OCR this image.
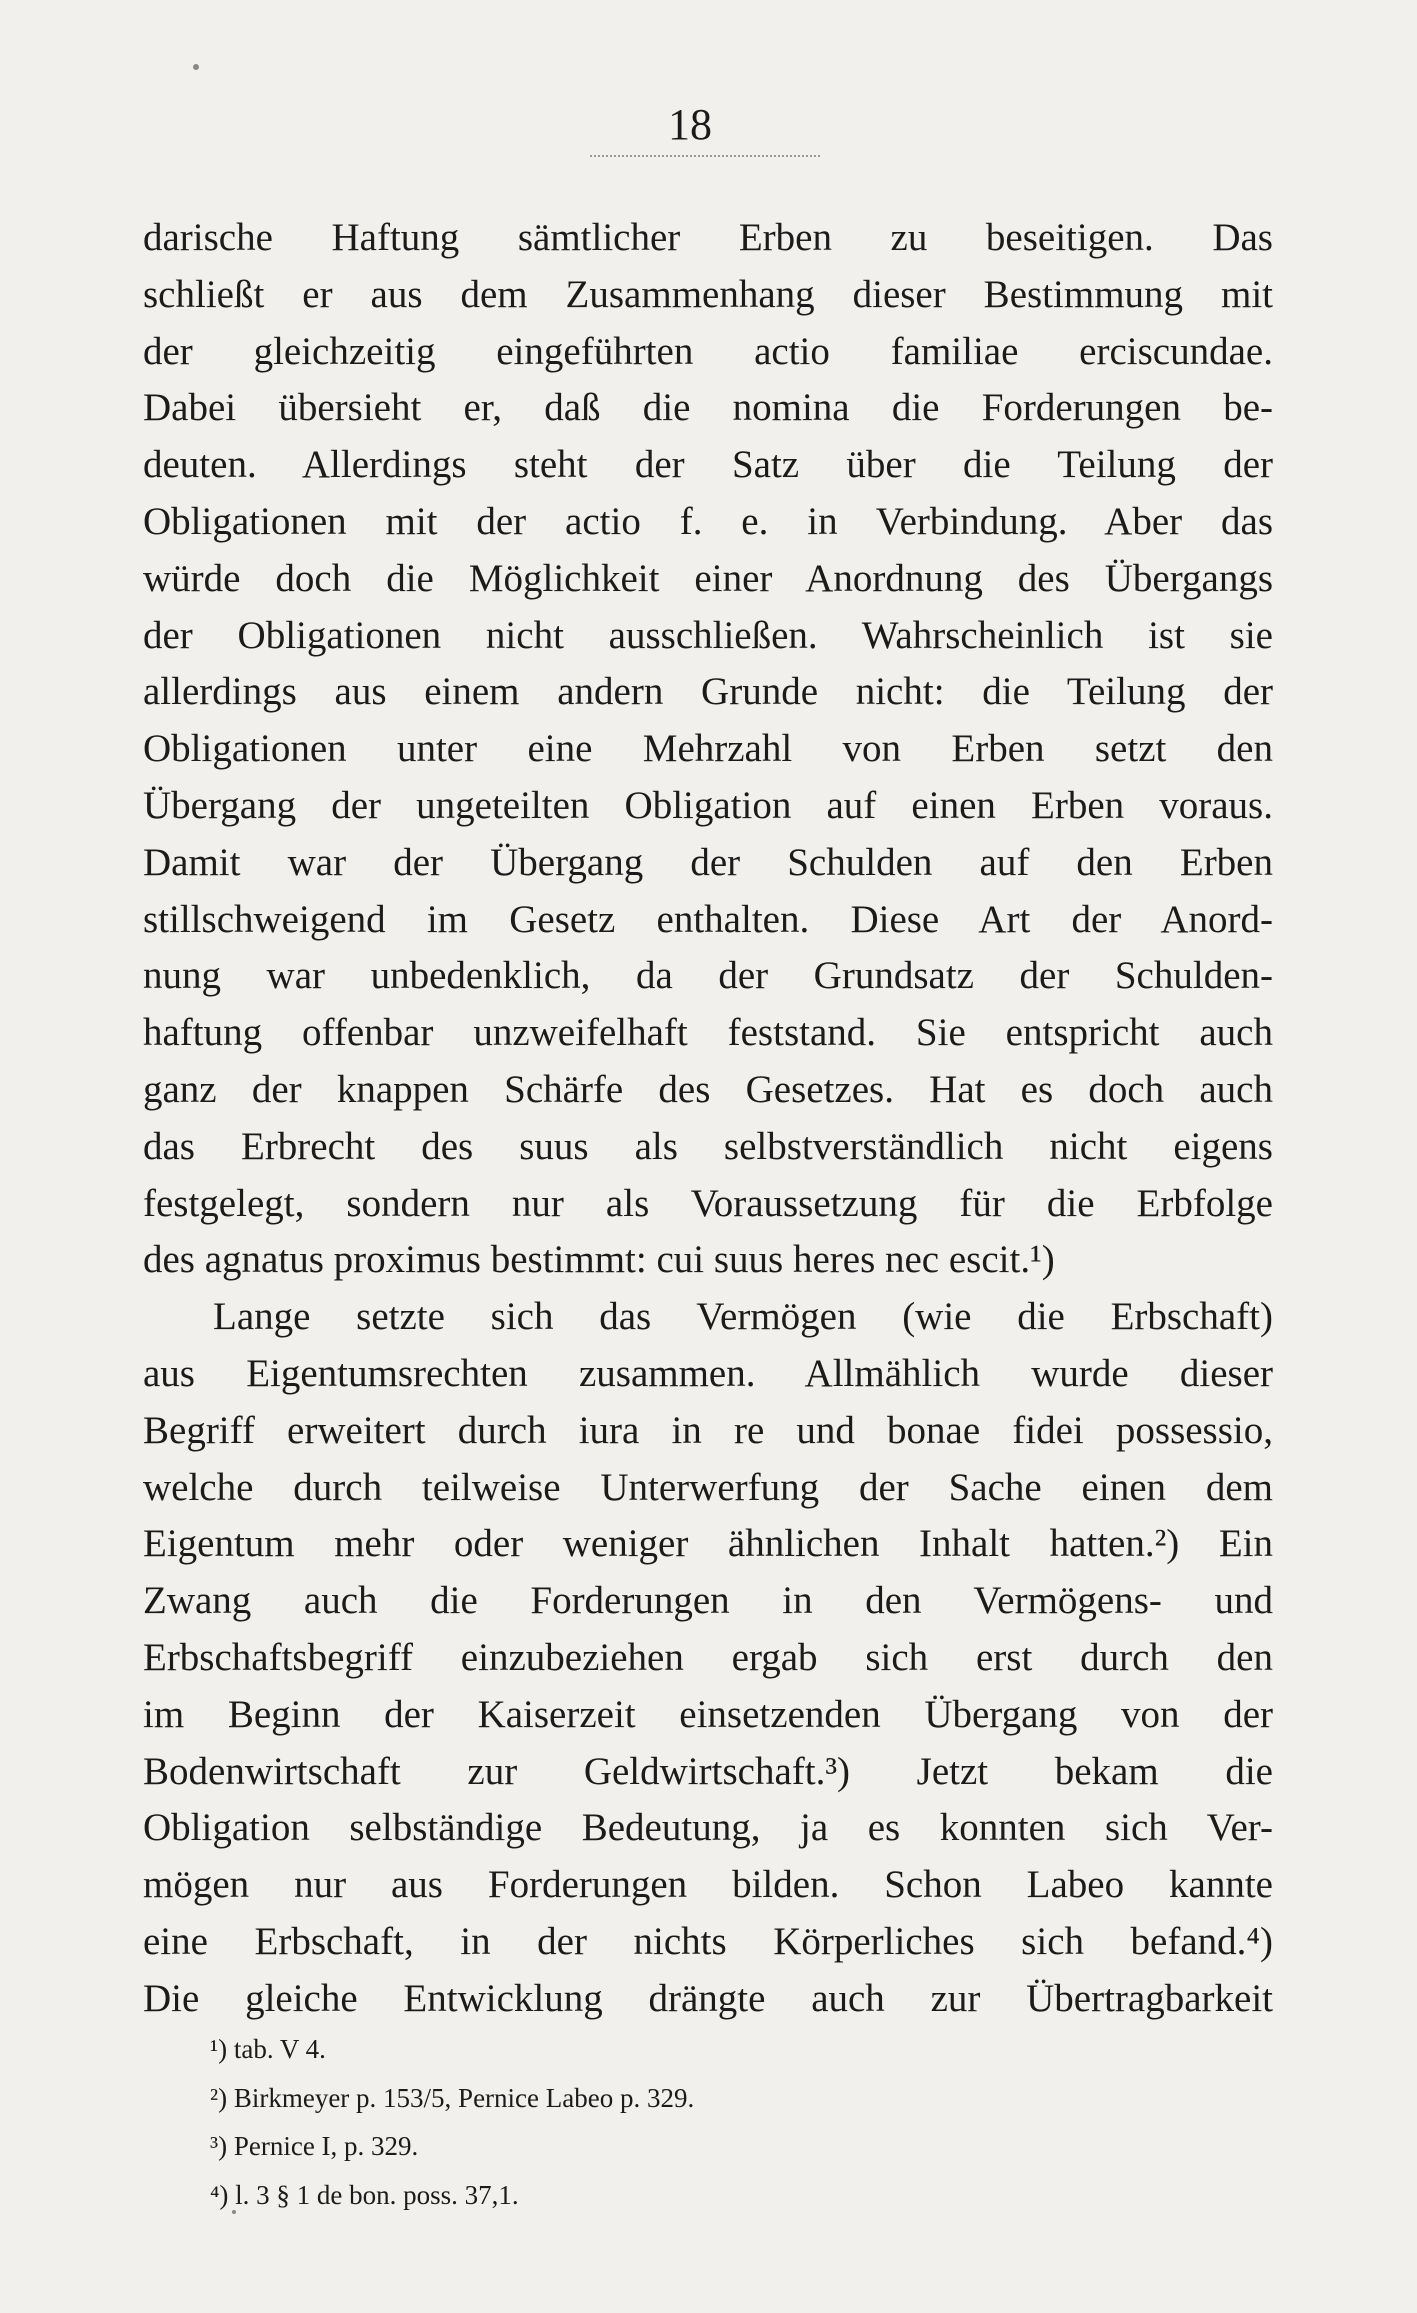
18
darische Haftung sämtlicher Erben zu beseitigen. Das
schließt er aus dem Zusammenhang dieser Bestimmung mit
der gleichzeitig eingeführten actio familiae erciscundae.
Dabei übersieht er, daß die nomina die Forderungen be-
deuten. Allerdings steht der Satz über die Teilung der
Obligationen mit der actio f. e. in Verbindung. Aber das
würde doch die Möglichkeit einer Anordnung des Übergangs
der Obligationen nicht ausschließen. Wahrscheinlich ist sie
allerdings aus einem andern Grunde nicht: die Teilung der
Obligationen unter eine Mehrzahl von Erben setzt den
Übergang der ungeteilten Obligation auf einen Erben voraus.
Damit war der Übergang der Schulden auf den Erben
stillschweigend im Gesetz enthalten. Diese Art der Anord-
nung war unbedenklich, da der Grundsatz der Schulden-
haftung offenbar unzweifelhaft feststand. Sie entspricht auch
ganz der knappen Schärfe des Gesetzes. Hat es doch auch
das Erbrecht des suus als selbstverständlich nicht eigens
festgelegt, sondern nur als Voraussetzung für die Erbfolge
des agnatus proximus bestimmt: cui suus heres nec escit.¹)
Lange setzte sich das Vermögen (wie die Erbschaft)
aus Eigentumsrechten zusammen. Allmählich wurde dieser
Begriff erweitert durch iura in re und bonae fidei possessio,
welche durch teilweise Unterwerfung der Sache einen dem
Eigentum mehr oder weniger ähnlichen Inhalt hatten.²) Ein
Zwang auch die Forderungen in den Vermögens- und
Erbschaftsbegriff einzubeziehen ergab sich erst durch den
im Beginn der Kaiserzeit einsetzenden Übergang von der
Bodenwirtschaft zur Geldwirtschaft.³) Jetzt bekam die
Obligation selbständige Bedeutung, ja es konnten sich Ver-
mögen nur aus Forderungen bilden. Schon Labeo kannte
eine Erbschaft, in der nichts Körperliches sich befand.⁴)
Die gleiche Entwicklung drängte auch zur Übertragbarkeit
¹) tab. V 4.
²) Birkmeyer p. 153/5, Pernice Labeo p. 329.
³) Pernice I, p. 329.
⁴) l. 3 § 1 de bon. poss. 37,1.
